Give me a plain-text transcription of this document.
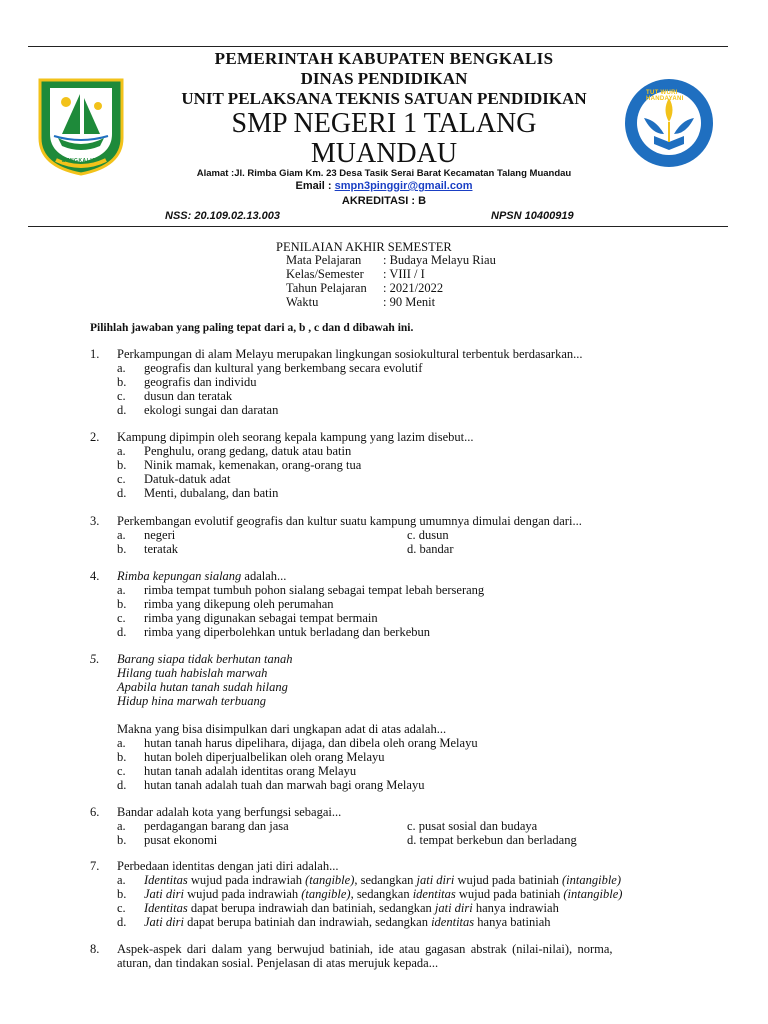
BENGKALIS
TUT WURI HANDAYANI
PEMERINTAH KABUPATEN BENGKALIS
DINAS PENDIDIKAN
UNIT PELAKSANA TEKNIS SATUAN PENDIDIKAN
SMP NEGERI 1 TALANG
MUANDAU
Alamat :Jl. Rimba Giam Km. 23 Desa Tasik Serai Barat Kecamatan Talang Muandau
Email : smpn3pinggir@gmail.com
AKREDITASI : B
NSS: 20.109.02.13.003	NPSN 10400919
PENILAIAN AKHIR SEMESTER
Mata Pelajaran : Budaya Melayu Riau
Kelas/Semester : VIII / I
Tahun Pelajaran : 2021/2022
Waktu	: 90 Menit
Pilihlah jawaban yang paling tepat dari a, b , c dan d dibawah ini.
1.	Perkampungan di alam Melayu merupakan lingkungan sosiokultural terbentuk berdasarkan...
a. geografis dan kultural yang berkembang secara evolutif
b. geografis dan individu
c. dusun dan teratak
d. ekologi sungai dan daratan
2.	Kampung dipimpin oleh seorang kepala kampung yang lazim disebut...
a. Penghulu, orang gedang, datuk atau batin
b. Ninik mamak, kemenakan, orang-orang tua
c. Datuk-datuk adat
d. Menti, dubalang, dan batin
3.	Perkembangan evolutif geografis dan kultur suatu kampung umumnya dimulai dengan dari...
a. negeri	c. dusun
b. teratak	d. bandar
4.	Rimba kepungan sialang adalah...
a. rimba tempat tumbuh pohon sialang sebagai tempat lebah berserang
b. rimba yang dikepung oleh perumahan
c. rimba yang digunakan sebagai tempat bermain
d. rimba yang diperbolehkan untuk berladang dan berkebun
5.	Barang siapa tidak berhutan tanah
Hilang tuah habislah marwah
Apabila hutan tanah sudah hilang
Hidup hina marwah terbuang
Makna yang bisa disimpulkan dari ungkapan adat di atas adalah...
a. hutan tanah harus dipelihara, dijaga, dan dibela oleh orang Melayu
b. hutan boleh diperjualbelikan oleh orang Melayu
c. hutan tanah adalah identitas orang Melayu
d. hutan tanah adalah tuah dan marwah bagi orang Melayu
6.	Bandar adalah kota yang berfungsi sebagai...
a. perdagangan barang dan jasa	c. pusat sosial dan budaya
b. pusat ekonomi	d. tempat berkebun dan berladang
7.	Perbedaan identitas dengan jati diri adalah...
a. Identitas wujud pada indrawiah (tangible), sedangkan jati diri wujud pada batiniah (intangible)
b. Jati diri wujud pada indrawiah (tangible), sedangkan identitas wujud pada batiniah (intangible)
c. Identitas dapat berupa indrawiah dan batiniah, sedangkan jati diri hanya indrawiah
d. Jati diri dapat berupa batiniah dan indrawiah, sedangkan identitas hanya batiniah
8.	Aspek-aspek dari dalam yang berwujud batiniah, ide atau gagasan abstrak (nilai-nilai), norma,
aturan, dan tindakan sosial. Penjelasan di atas merujuk kepada...
